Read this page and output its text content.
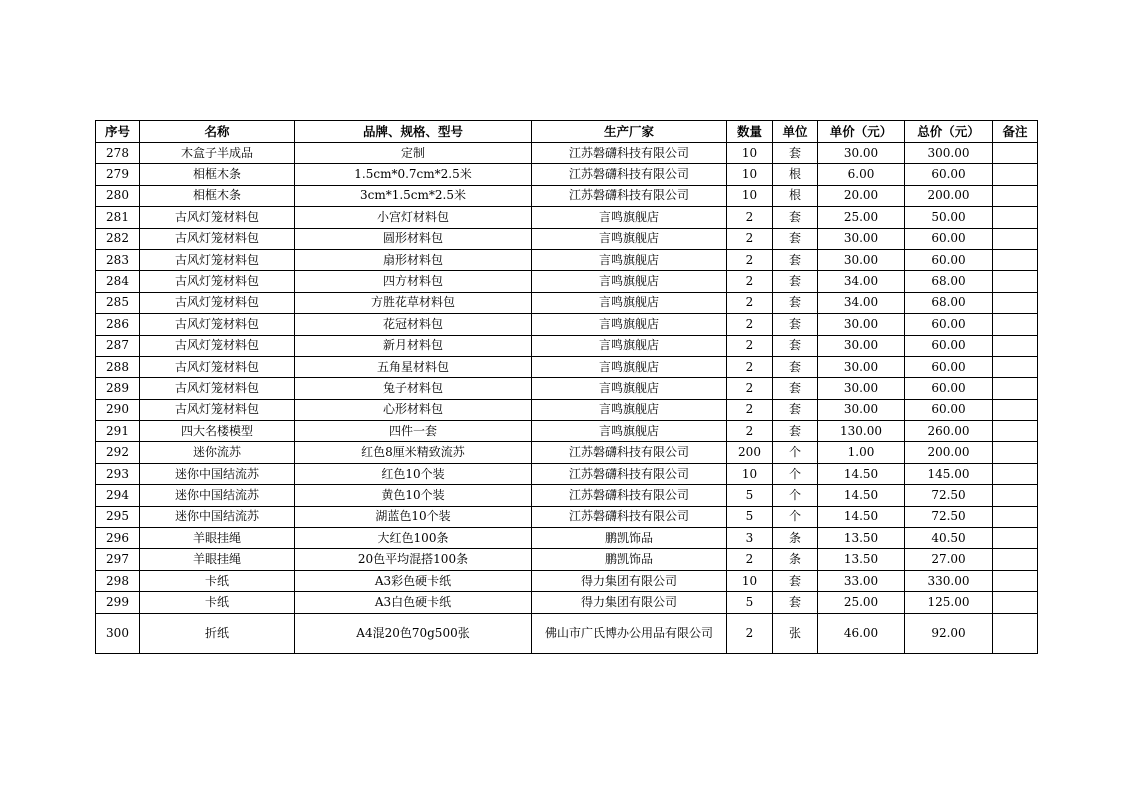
序号	名称	品牌、规格、型号	生产厂家	数量	单位	单价（元）	总价（元）	备注
278	木盒子半成品	定制	江苏磐礴科技有限公司	10	套	30.00	300.00	
279	相框木条	1.5cm*0.7cm*2.5米	江苏磐礴科技有限公司	10	根	6.00	60.00	
280	相框木条	3cm*1.5cm*2.5米	江苏磐礴科技有限公司	10	根	20.00	200.00	
281	古风灯笼材料包	小宫灯材料包	言鸣旗舰店	2	套	25.00	50.00	
282	古风灯笼材料包	圆形材料包	言鸣旗舰店	2	套	30.00	60.00	
283	古风灯笼材料包	扇形材料包	言鸣旗舰店	2	套	30.00	60.00	
284	古风灯笼材料包	四方材料包	言鸣旗舰店	2	套	34.00	68.00	
285	古风灯笼材料包	方胜花草材料包	言鸣旗舰店	2	套	34.00	68.00	
286	古风灯笼材料包	花冠材料包	言鸣旗舰店	2	套	30.00	60.00	
287	古风灯笼材料包	新月材料包	言鸣旗舰店	2	套	30.00	60.00	
288	古风灯笼材料包	五角星材料包	言鸣旗舰店	2	套	30.00	60.00	
289	古风灯笼材料包	兔子材料包	言鸣旗舰店	2	套	30.00	60.00	
290	古风灯笼材料包	心形材料包	言鸣旗舰店	2	套	30.00	60.00	
291	四大名楼模型	四件一套	言鸣旗舰店	2	套	130.00	260.00	
292	迷你流苏	红色8厘米精致流苏	江苏磐礴科技有限公司	200	个	1.00	200.00	
293	迷你中国结流苏	红色10个装	江苏磐礴科技有限公司	10	个	14.50	145.00	
294	迷你中国结流苏	黄色10个装	江苏磐礴科技有限公司	5	个	14.50	72.50	
295	迷你中国结流苏	湖蓝色10个装	江苏磐礴科技有限公司	5	个	14.50	72.50	
296	羊眼挂绳	大红色100条	鹏凯饰品	3	条	13.50	40.50	
297	羊眼挂绳	20色平均混搭100条	鹏凯饰品	2	条	13.50	27.00	
298	卡纸	A3彩色硬卡纸	得力集团有限公司	10	套	33.00	330.00	
299	卡纸	A3白色硬卡纸	得力集团有限公司	5	套	25.00	125.00	
300	折纸	A4混20色70g500张	佛山市广氏博办公用品有限公司	2	张	46.00	92.00	
